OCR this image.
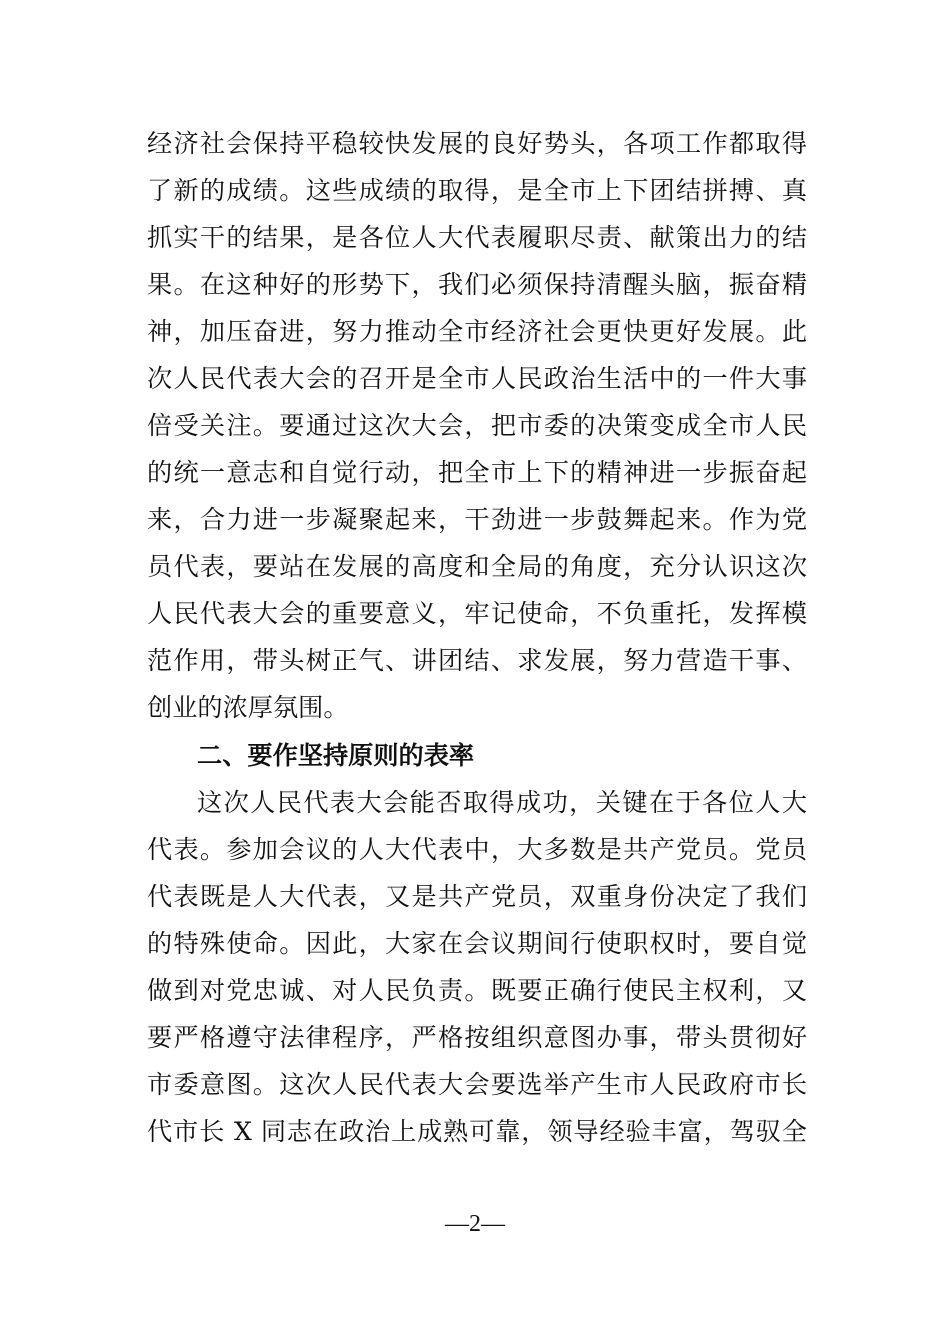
经济社会保持平稳较快发展的良好势头，各项工作都取得
了新的成绩。这些成绩的取得，是全市上下团结拼搏、真
抓实干的结果，是各位人大代表履职尽责、献策出力的结
果。在这种好的形势下，我们必须保持清醒头脑，振奋精
神，加压奋进，努力推动全市经济社会更快更好发展。此
次人民代表大会的召开是全市人民政治生活中的一件大事
倍受关注。要通过这次大会，把市委的决策变成全市人民
的统一意志和自觉行动，把全市上下的精神进一步振奋起
来，合力进一步凝聚起来，干劲进一步鼓舞起来。作为党
员代表，要站在发展的高度和全局的角度，充分认识这次
人民代表大会的重要意义，牢记使命，不负重托，发挥模
范作用，带头树正气、讲团结、求发展，努力营造干事、
创业的浓厚氛围。
二、要作坚持原则的表率
这次人民代表大会能否取得成功，关键在于各位人大
代表。参加会议的人大代表中，大多数是共产党员。党员
代表既是人大代表，又是共产党员，双重身份决定了我们
的特殊使命。因此，大家在会议期间行使职权时，要自觉
做到对党忠诚、对人民负责。既要正确行使民主权利，又
要严格遵守法律程序，严格按组织意图办事，带头贯彻好
市委意图。这次人民代表大会要选举产生市人民政府市长
代市长 X 同志在政治上成熟可靠，领导经验丰富，驾驭全
—2—
